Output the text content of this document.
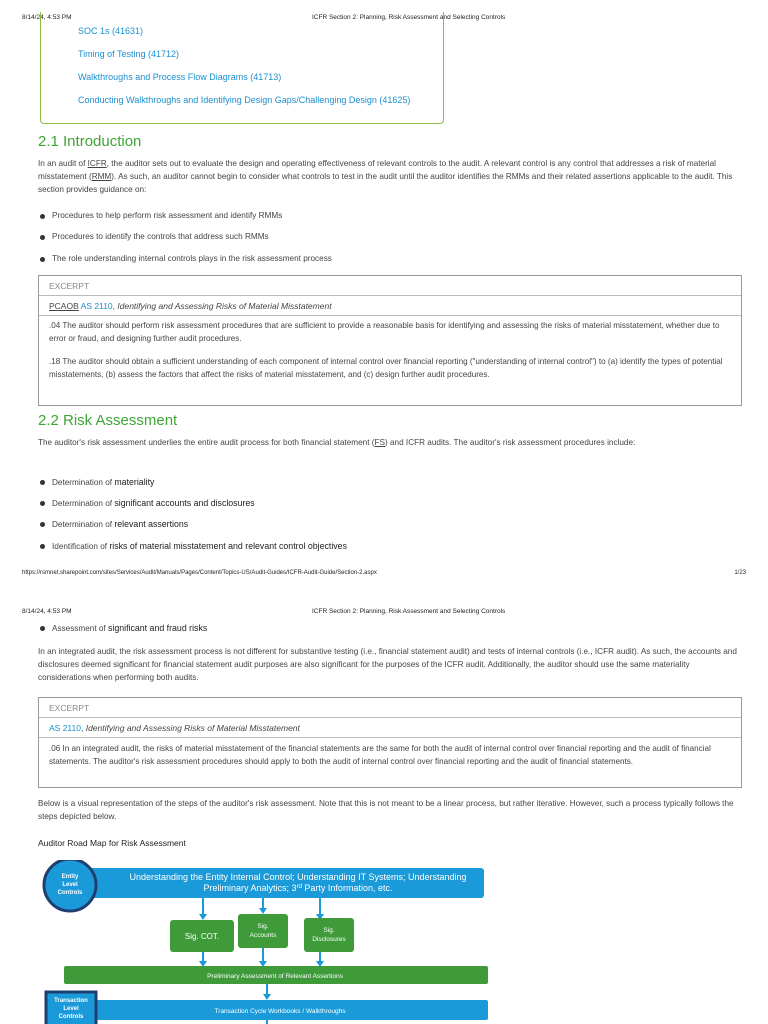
8/14/24, 4:53 PM	ICFR Section 2: Planning, Risk Assessment and Selecting Controls
SOC 1s (41631)
Timing of Testing (41712)
Walkthroughs and Process Flow Diagrams (41713)
Conducting Walkthroughs and Identifying Design Gaps/Challenging Design (41625)
2.1 Introduction
In an audit of ICFR, the auditor sets out to evaluate the design and operating effectiveness of relevant controls to the audit. A relevant control is any control that addresses a risk of material misstatement (RMM). As such, an auditor cannot begin to consider what controls to test in the audit until the auditor identifies the RMMs and their related assertions applicable to the audit. This section provides guidance on:
Procedures to help perform risk assessment and identify RMMs
Procedures to identify the controls that address such RMMs
The role understanding internal controls plays in the risk assessment process
EXCERPT
PCAOB AS 2110, Identifying and Assessing Risks of Material Misstatement
.04 The auditor should perform risk assessment procedures that are sufficient to provide a reasonable basis for identifying and assessing the risks of material misstatement, whether due to error or fraud, and designing further audit procedures.
.18 The auditor should obtain a sufficient understanding of each component of internal control over financial reporting ("understanding of internal control") to (a) identify the types of potential misstatements, (b) assess the factors that affect the risks of material misstatement, and (c) design further audit procedures.
2.2 Risk Assessment
The auditor's risk assessment underlies the entire audit process for both financial statement (FS) and ICFR audits. The auditor's risk assessment procedures include:
Determination of materiality
Determination of significant accounts and disclosures
Determination of relevant assertions
Identification of risks of material misstatement and relevant control objectives
https://rsmnet.sharepoint.com/sites/Services/Audit/Manuals/Pages/Content/Topics-US/Audit-Guides/ICFR-Audit-Guide/Section-2.aspx	1/23
8/14/24, 4:53 PM	ICFR Section 2: Planning, Risk Assessment and Selecting Controls
Assessment of significant and fraud risks
In an integrated audit, the risk assessment process is not different for substantive testing (i.e., financial statement audit) and tests of internal controls (i.e., ICFR audit). As such, the accounts and disclosures deemed significant for financial statement audit purposes are also significant for the purposes of the ICFR audit. Additionally, the auditor should use the same materiality considerations when performing both audits.
EXCERPT
AS 2110, Identifying and Assessing Risks of Material Misstatement
.06 In an integrated audit, the risks of material misstatement of the financial statements are the same for both the audit of internal control over financial reporting and the audit of financial statements. The auditor's risk assessment procedures should apply to both the audit of internal control over financial reporting and the audit of financial statements.
Below is a visual representation of the steps of the auditor's risk assessment. Note that this is not meant to be a linear process, but rather iterative. However, such a process typically follows the steps depicted below.
Auditor Road Map for Risk Assessment
Entity
Level
Controls
Understanding the Entity Internal Control; Understanding IT Systems; Understanding
Preliminary Analytics; 3rd Party Information, etc.
Sig. COT.
Sig.
Accounts
Sig.
Disclosures
Preliminary Assessment of Relevant Assertions
Transaction Cycle Workbooks / Walkthroughs
Transaction
Level
Controls
